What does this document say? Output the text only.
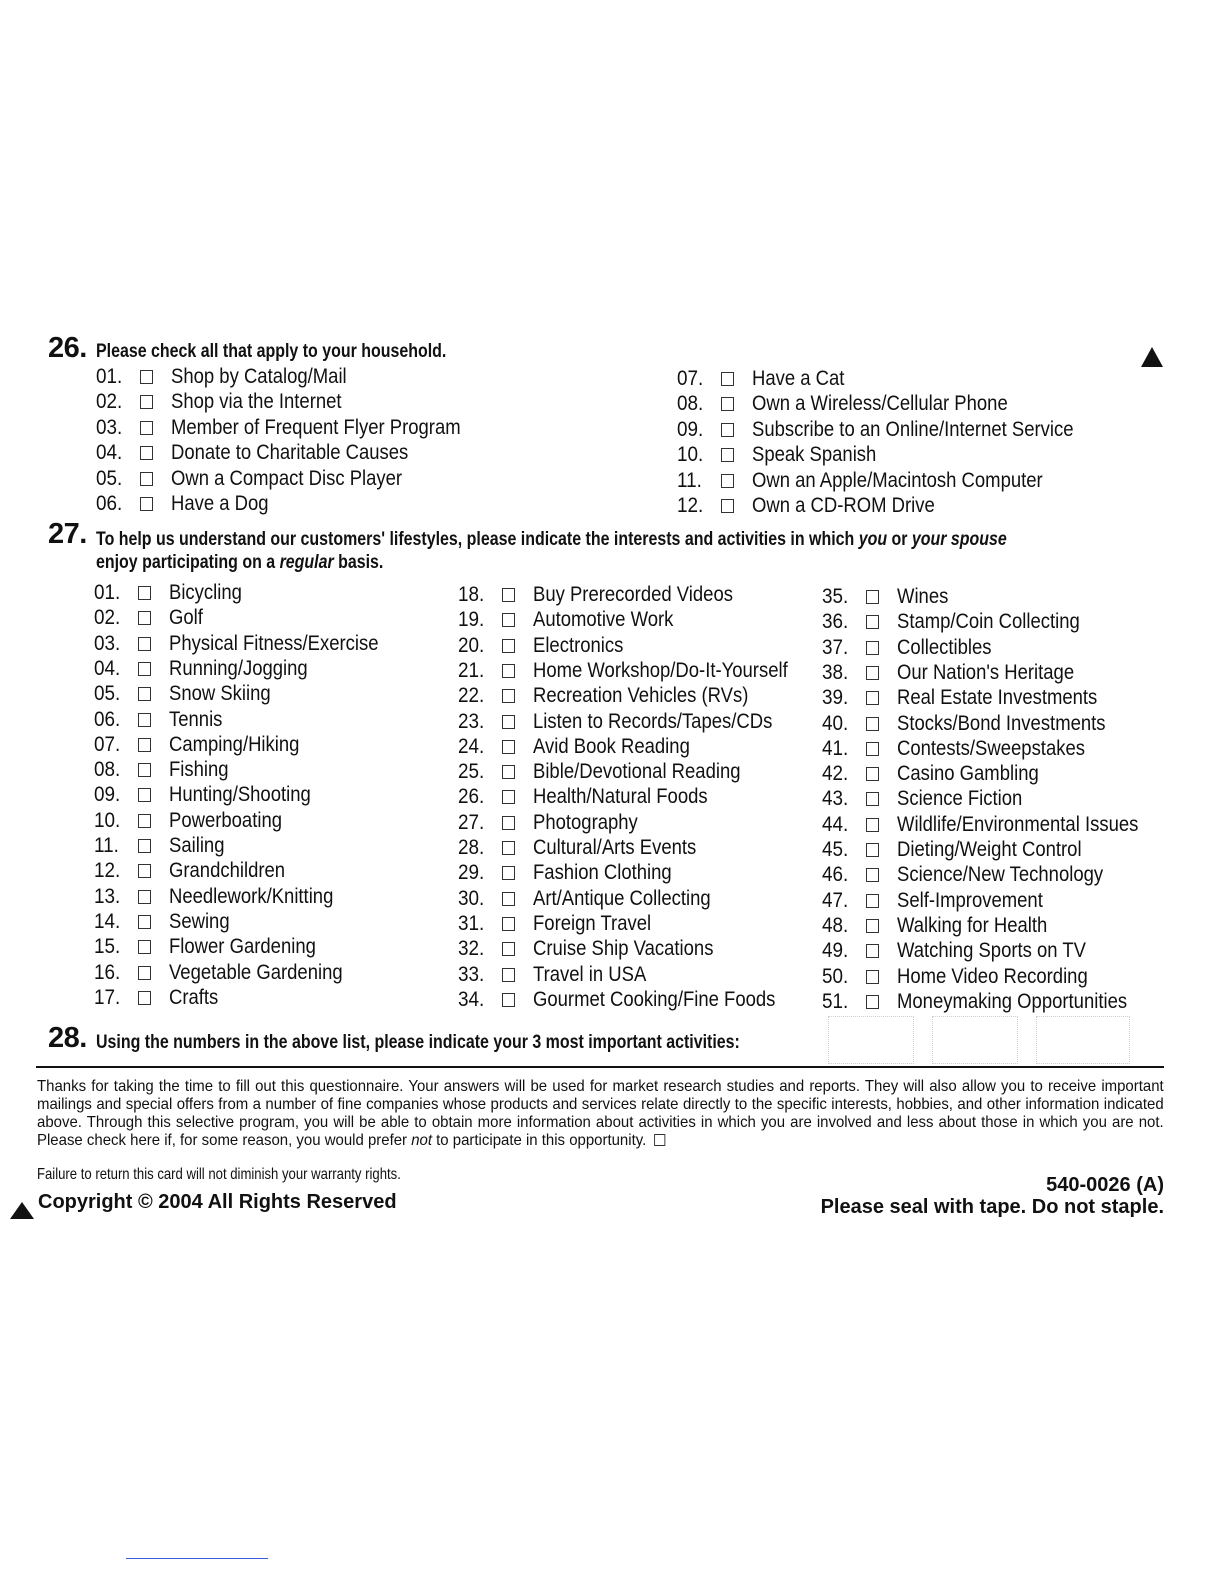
26. Please check all that apply to your household.
01.	Shop by Catalog/Mail
02.	Shop via the Internet
03.	Member of Frequent Flyer Program
04.	Donate to Charitable Causes
05.	Own a Compact Disc Player
06.	Have a Dog
07.	Have a Cat
08.	Own a Wireless/Cellular Phone
09.	Subscribe to an Online/Internet Service
10.	Speak Spanish
11.	Own an Apple/Macintosh Computer
12.	Own a CD-ROM Drive
27. To help us understand our customers' lifestyles, please indicate the interests and activities in which you or your spouse
enjoy participating on a regular basis.
01.	Bicycling
02.	Golf
03.	Physical Fitness/Exercise
04.	Running/Jogging
05.	Snow Skiing
06.	Tennis
07.	Camping/Hiking
08.	Fishing
09.	Hunting/Shooting
10.	Powerboating
11.	Sailing
12.	Grandchildren
13.	Needlework/Knitting
14.	Sewing
15.	Flower Gardening
16.	Vegetable Gardening
17.	Crafts
18.	Buy Prerecorded Videos
19.	Automotive Work
20.	Electronics
21.	Home Workshop/Do-It-Yourself
22.	Recreation Vehicles (RVs)
23.	Listen to Records/Tapes/CDs
24.	Avid Book Reading
25.	Bible/Devotional Reading
26.	Health/Natural Foods
27.	Photography
28.	Cultural/Arts Events
29.	Fashion Clothing
30.	Art/Antique Collecting
31.	Foreign Travel
32.	Cruise Ship Vacations
33.	Travel in USA
34.	Gourmet Cooking/Fine Foods
35.	Wines
36.	Stamp/Coin Collecting
37.	Collectibles
38.	Our Nation's Heritage
39.	Real Estate Investments
40.	Stocks/Bond Investments
41.	Contests/Sweepstakes
42.	Casino Gambling
43.	Science Fiction
44.	Wildlife/Environmental Issues
45.	Dieting/Weight Control
46.	Science/New Technology
47.	Self-Improvement
48.	Walking for Health
49.	Watching Sports on TV
50.	Home Video Recording
51.	Moneymaking Opportunities
28. Using the numbers in the above list, please indicate your 3 most important activities:
Thanks for taking the time to fill out this questionnaire. Your answers will be used for market research studies and reports. They will also allow you to receive important mailings and special offers from a number of fine companies whose products and services relate directly to the specific interests, hobbies, and other information indicated above. Through this selective program, you will be able to obtain more information about activities in which you are involved and less about those in which you are not. Please check here if, for some reason, you would prefer not to participate in this opportunity.
Failure to return this card will not diminish your warranty rights.	540-0026 (A)
Copyright © 2004 All Rights Reserved	Please seal with tape. Do not staple.
